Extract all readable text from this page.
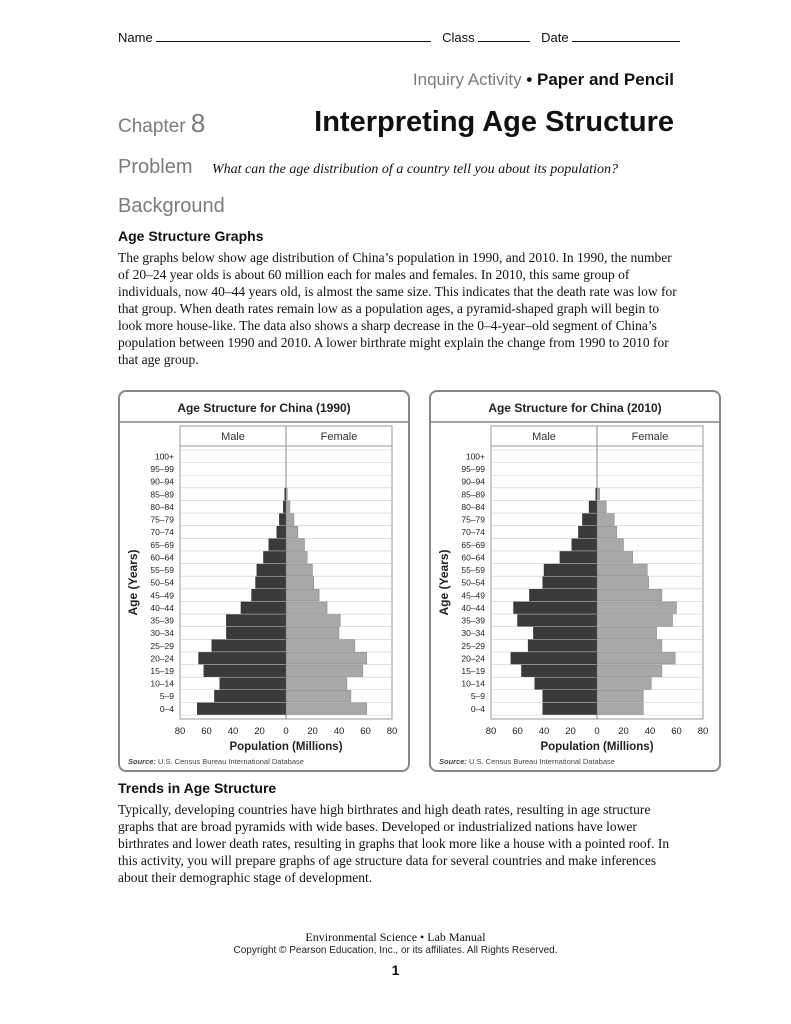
Name	Class	Date
Inquiry Activity • Paper and Pencil
Chapter 8	Interpreting Age Structure
Problem What can the age distribution of a country tell you about its population?
Background
Age Structure Graphs
The graphs below show age distribution of China’s population in 1990, and 2010. In 1990, the number of 20–24 year olds is about 60 million each for males and females. In 2010, this same group of individuals, now 40–44 years old, is almost the same size. This indicates that the death rate was low for that group. When death rates remain low as a population ages, a pyramid-shaped graph will begin to look more house-like. The data also shows a sharp decrease in the 0–4-year–old segment of China’s population between 1990 and 2010. A lower birthrate might explain the change from 1990 to 2010 for that age group.
Age Structure for China (1990)
Male	Female
100+
95–99
90–94
85–89
80–84
75–79
70–74
65–69
60–64
55–59
50–54
45–49
40–44
35–39
30–34
25–29
20–24
15–19
10–14
5–9
0–4
Age (Years)
80 60 40 20 0 20 40 60 80
Population (Millions)
Source: U.S. Census Bureau International Database
Age Structure for China (2010)
Male	Female
100+
95–99
90–94
85–89
80–84
75–79
70–74
65–69
60–64
55–59
50–54
45–49
40–44
35–39
30–34
25–29
20–24
15–19
10–14
5–9
0–4
Age (Years)
80 60 40 20 0 20 40 60 80
Population (Millions)
Source: U.S. Census Bureau International Database
Trends in Age Structure
Typically, developing countries have high birthrates and high death rates, resulting in age structure graphs that are broad pyramids with wide bases. Developed or industrialized nations have lower birthrates and lower death rates, resulting in graphs that look more like a house with a pointed roof. In this activity, you will prepare graphs of age structure data for several countries and make inferences about their demographic stage of development.
Environmental Science • Lab Manual
Copyright © Pearson Education, Inc., or its affiliates. All Rights Reserved.
1
